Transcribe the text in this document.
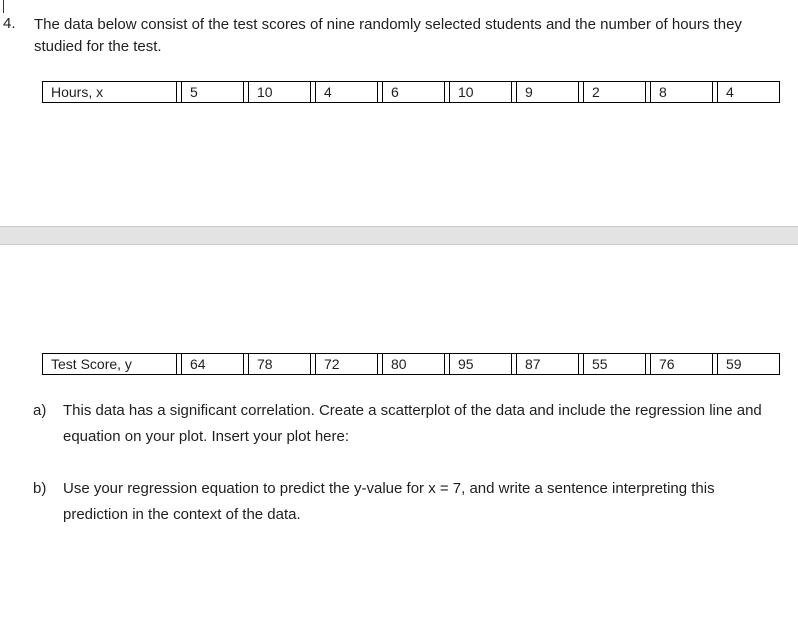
4. The data below consist of the test scores of nine randomly selected students and the number of hours they studied for the test.
Hours, x		5		10		4		6		10		9		2		8		4
Test Score, y		64		78		72		80		95		87		55		76		59
a) This data has a significant correlation. Create a scatterplot of the data and include the regression line and equation on your plot. Insert your plot here:
b) Use your regression equation to predict the y-value for x = 7, and write a sentence interpreting this prediction in the context of the data.
